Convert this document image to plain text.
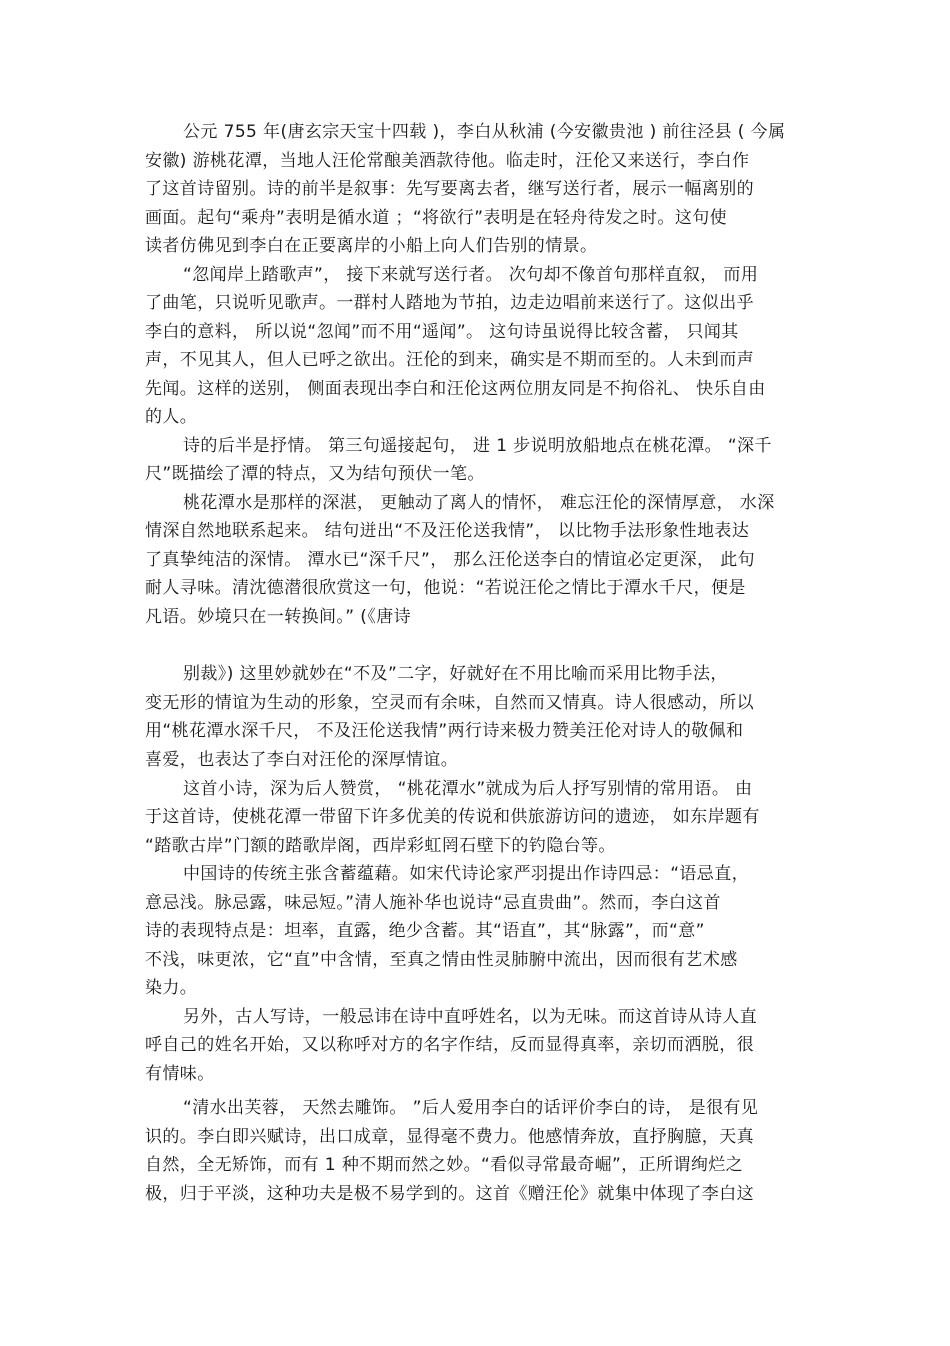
公元 755 年(唐玄宗天宝十四载 )，李白从秋浦 (今安徽贵池 ) 前往泾县 ( 今属
安徽) 游桃花潭，当地人汪伦常酿美酒款待他。临走时，汪伦又来送行，李白作
了这首诗留别。诗的前半是叙事：先写要离去者，继写送行者，展示一幅离别的
画面。起句“乘舟”表明是循水道 ；“将欲行”表明是在轻舟待发之时。这句使
读者仿佛见到李白在正要离岸的小船上向人们告别的情景。
“忽闻岸上踏歌声”， 接下来就写送行者。 次句却不像首句那样直叙， 而用
了曲笔，只说听见歌声。一群村人踏地为节拍，边走边唱前来送行了。这似出乎
李白的意料， 所以说“忽闻”而不用“遥闻”。 这句诗虽说得比较含蓄， 只闻其
声，不见其人，但人已呼之欲出。汪伦的到来，确实是不期而至的。人未到而声
先闻。这样的送别， 侧面表现出李白和汪伦这两位朋友同是不拘俗礼、 快乐自由
的人。
诗的后半是抒情。 第三句遥接起句， 进 1 步说明放船地点在桃花潭。 “深千
尺”既描绘了潭的特点，又为结句预伏一笔。
桃花潭水是那样的深湛， 更触动了离人的情怀， 难忘汪伦的深情厚意， 水深
情深自然地联系起来。 结句迸出“不及汪伦送我情”， 以比物手法形象性地表达
了真挚纯洁的深情。 潭水已“深千尺”， 那么汪伦送李白的情谊必定更深， 此句
耐人寻味。清沈德潜很欣赏这一句，他说：“若说汪伦之情比于潭水千尺，便是
凡语。妙境只在一转换间。” (《唐诗
别裁》) 这里妙就妙在“不及”二字，好就好在不用比喻而采用比物手法，
变无形的情谊为生动的形象，空灵而有余味，自然而又情真。诗人很感动，所以
用“桃花潭水深千尺， 不及汪伦送我情”两行诗来极力赞美汪伦对诗人的敬佩和
喜爱，也表达了李白对汪伦的深厚情谊。
这首小诗，深为后人赞赏， “桃花潭水”就成为后人抒写别情的常用语。 由
于这首诗，使桃花潭一带留下许多优美的传说和供旅游访问的遗迹， 如东岸题有
“踏歌古岸”门额的踏歌岸阁，西岸彩虹罔石壁下的钓隐台等。
中国诗的传统主张含蓄蕴藉。如宋代诗论家严羽提出作诗四忌：“语忌直，
意忌浅。脉忌露，味忌短。”清人施补华也说诗“忌直贵曲”。然而，李白这首
诗的表现特点是：坦率，直露，绝少含蓄。其“语直”，其“脉露”，而“意”
不浅，味更浓，它“直”中含情，至真之情由性灵肺腑中流出，因而很有艺术感
染力。
另外，古人写诗，一般忌讳在诗中直呼姓名，以为无味。而这首诗从诗人直
呼自己的姓名开始，又以称呼对方的名字作结，反而显得真率，亲切而洒脱，很
有情味。
“清水出芙蓉， 天然去雕饰。 ”后人爱用李白的话评价李白的诗， 是很有见
识的。李白即兴赋诗，出口成章，显得毫不费力。他感情奔放，直抒胸臆，天真
自然，全无矫饰，而有 1 种不期而然之妙。“看似寻常最奇崛”，正所谓绚烂之
极，归于平淡，这种功夫是极不易学到的。这首《赠汪伦》就集中体现了李白这
